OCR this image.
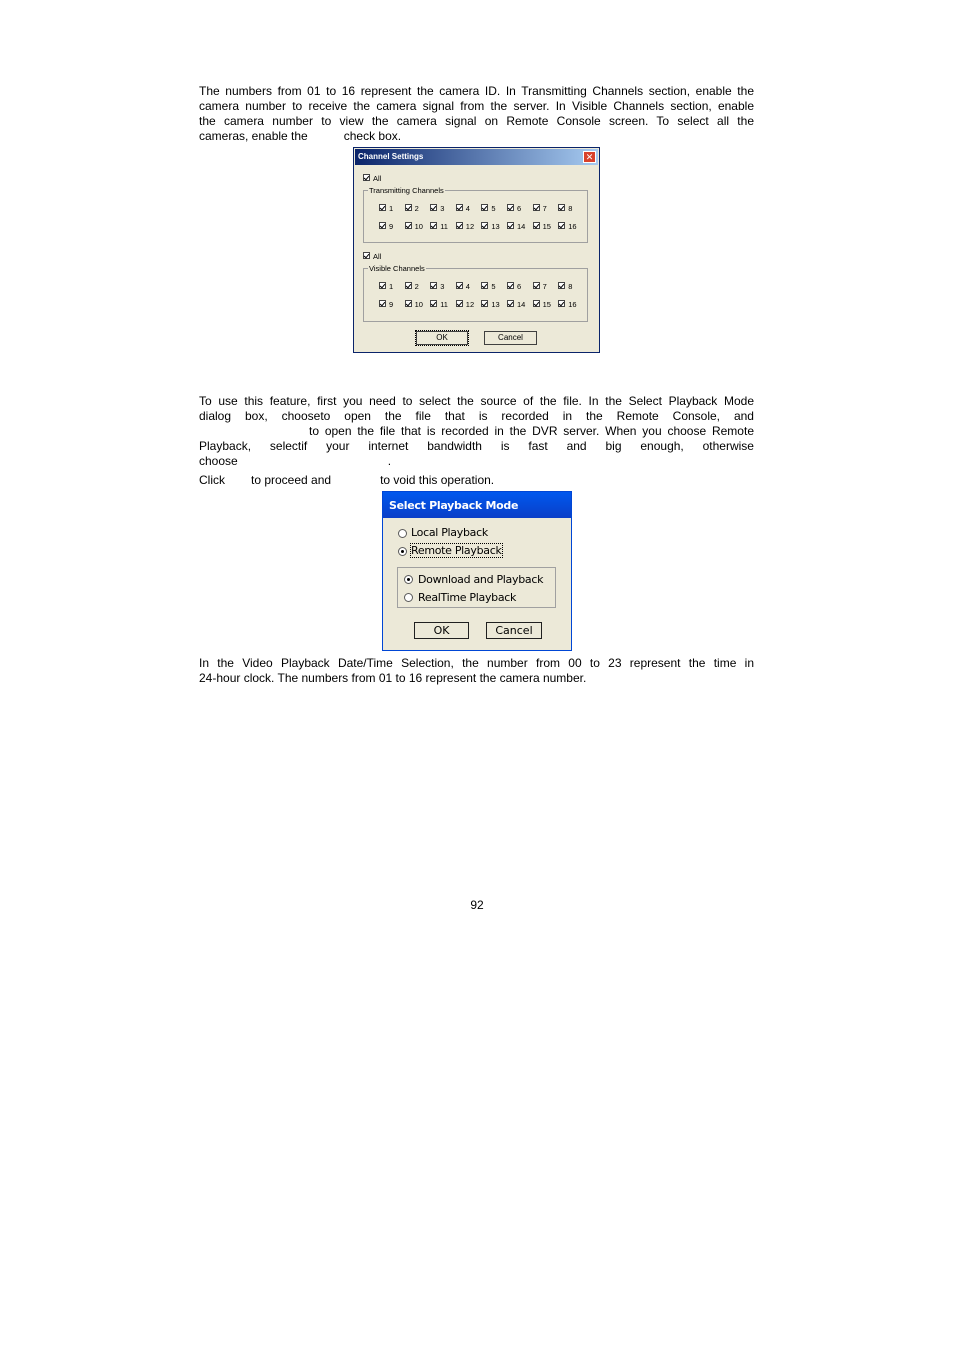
The numbers from 01 to 16 represent the camera ID. In Transmitting Channels section, enable the
camera number to receive the camera signal from the server. In Visible Channels section, enable
the camera number to view the camera signal on Remote Console screen. To select all the
cameras, enable the	check box.
Channel Settings	✕
All
Transmitting Channels
1	2	3	4	5	6	7	8
9	10 11 12 13 14 15 16
All
Visible Channels
1	2	3	4	5	6	7	8
9	10 11 12 13 14 15 16
OK	Cancel
To use this feature, first you need to select the source of the file. In the Select Playback Mode
dialog box, chooseto open the file that is recorded in the Remote Console, and
to open the file that is recorded in the DVR server. When you choose Remote
Playback, selectif your internet bandwidth is fast and big enough, otherwise
choose	.
Click to proceed and	to void this operation.
Select Playback Mode
Local Playback
Remote Playback
Download and Playback
RealTime Playback
OK	Cancel
In the Video Playback Date/Time Selection, the number from 00 to 23 represent the time in
24-hour clock. The numbers from 01 to 16 represent the camera number.
92
